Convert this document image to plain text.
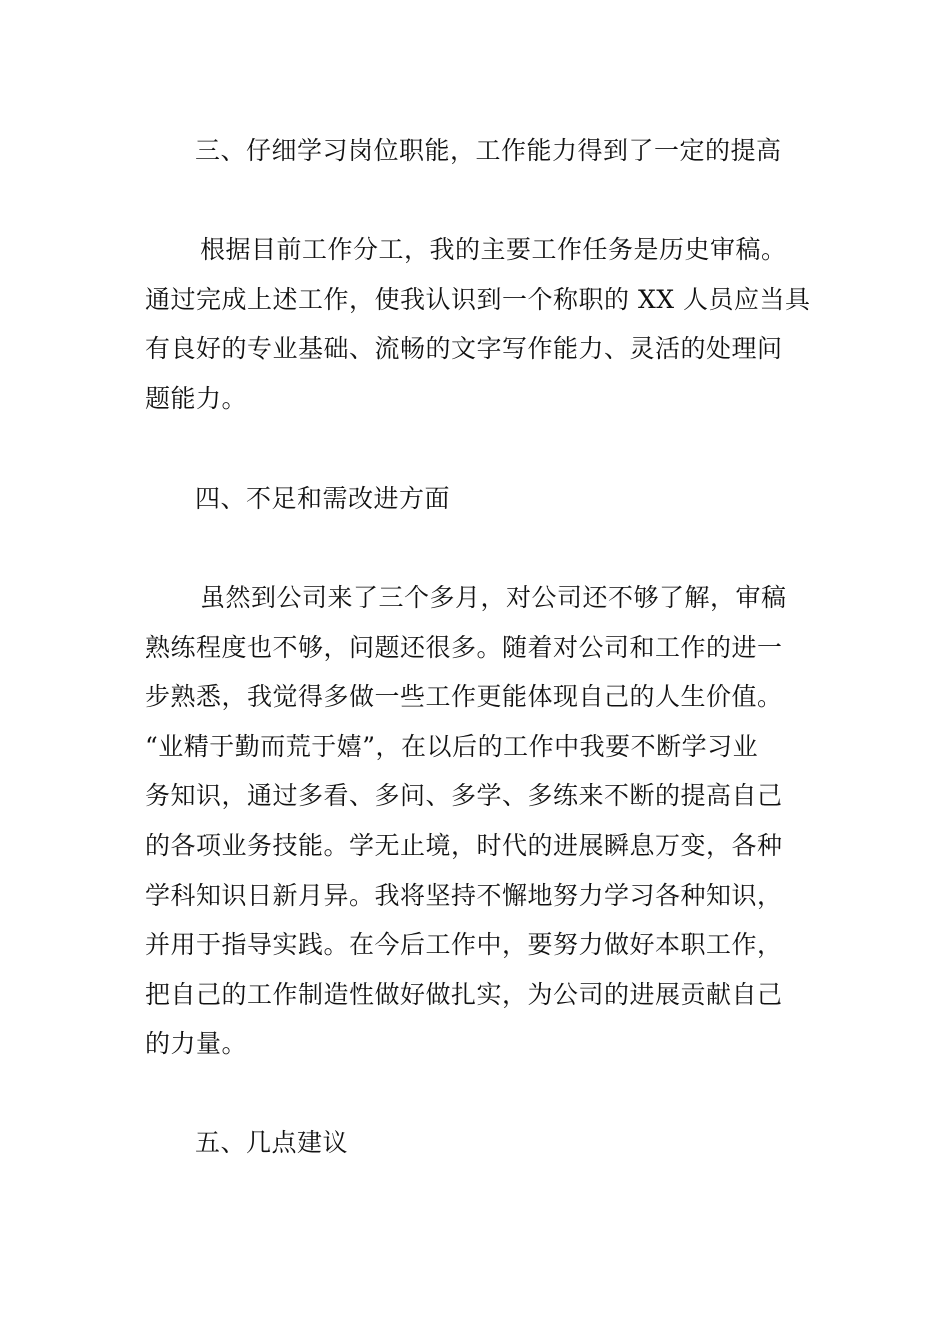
三、仔细学习岗位职能，工作能力得到了一定的提高
根据目前工作分工，我的主要工作任务是历史审稿。
通过完成上述工作，使我认识到一个称职的 XX 人员应当具
有良好的专业基础、流畅的文字写作能力、灵活的处理问
题能力。
四、不足和需改进方面
虽然到公司来了三个多月，对公司还不够了解，审稿
熟练程度也不够，问题还很多。随着对公司和工作的进一
步熟悉，我觉得多做一些工作更能体现自己的人生价值。
“业精于勤而荒于嬉”，在以后的工作中我要不断学习业
务知识，通过多看、多问、多学、多练来不断的提高自己
的各项业务技能。学无止境，时代的进展瞬息万变，各种
学科知识日新月异。我将坚持不懈地努力学习各种知识，
并用于指导实践。在今后工作中，要努力做好本职工作，
把自己的工作制造性做好做扎实，为公司的进展贡献自己
的力量。
五、几点建议
